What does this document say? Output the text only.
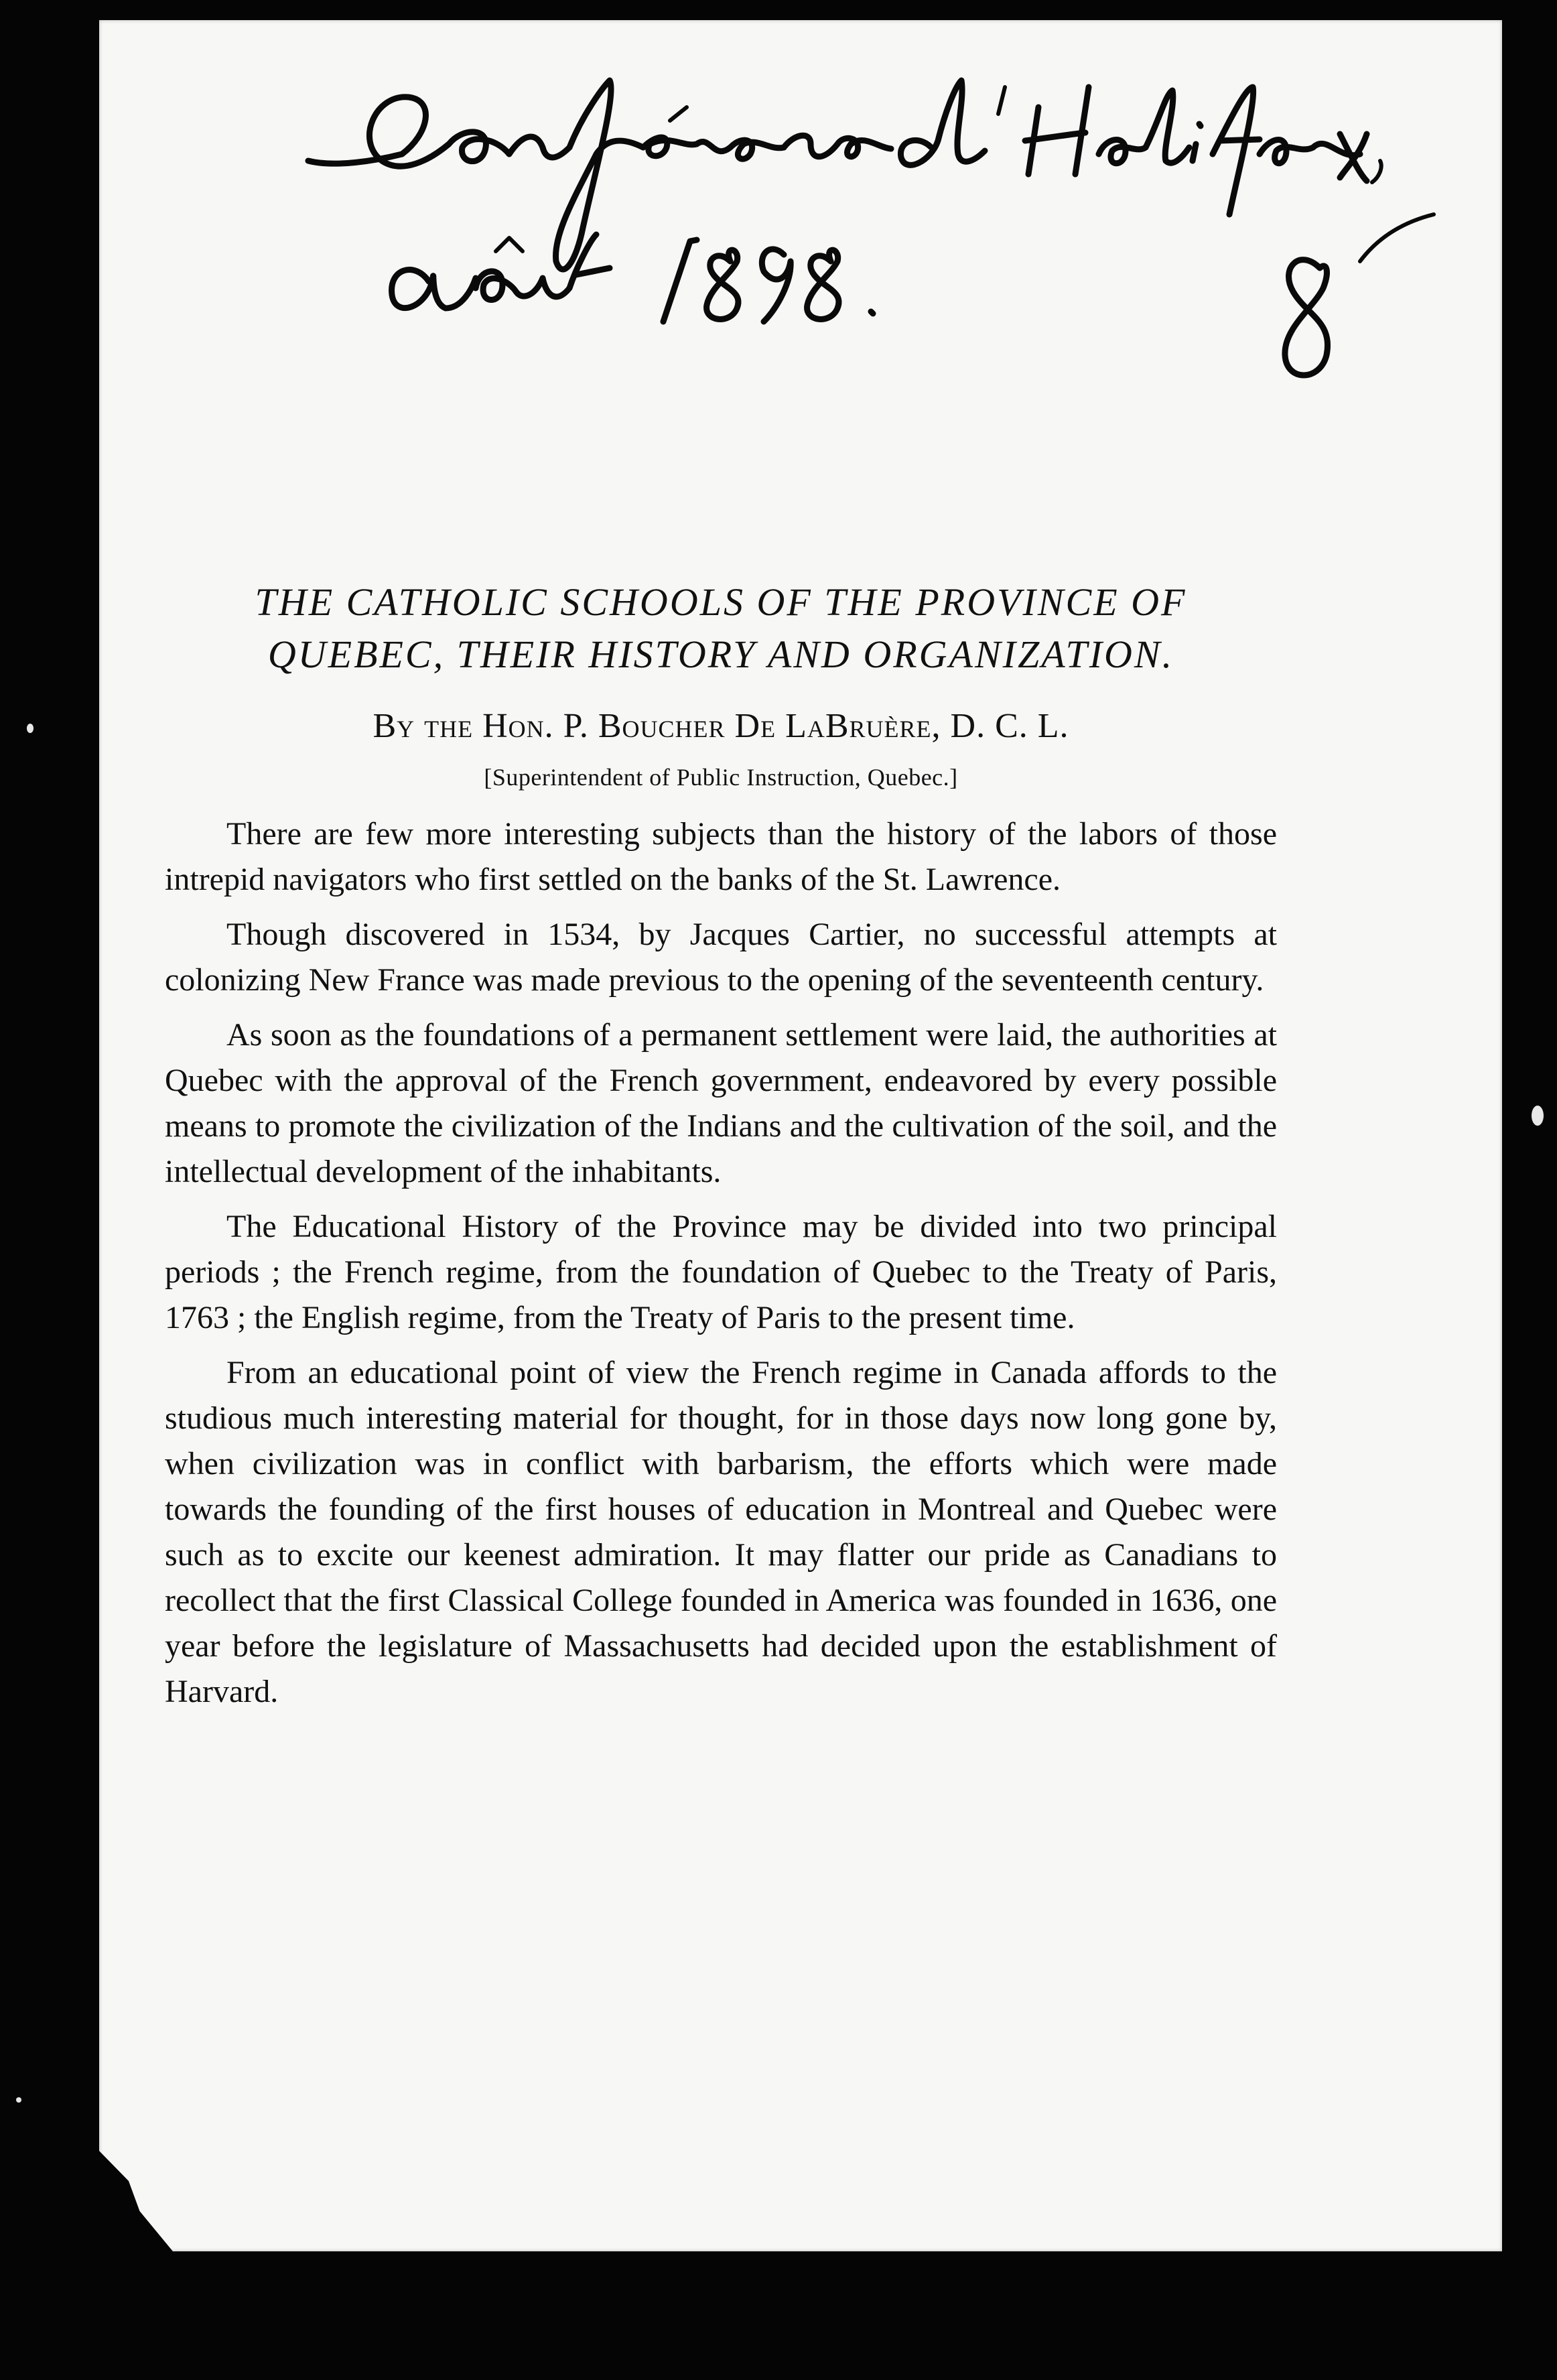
THE CATHOLIC SCHOOLS OF THE PROVINCE OF QUEBEC, THEIR HISTORY AND ORGANIZATION.
By the Hon. P. Boucher De LaBruère, D. C. L.
[Superintendent of Public Instruction, Quebec.]

There are few more interesting subjects than the history of the labors of those intrepid navigators who first settled on the banks of the St. Lawrence.

Though discovered in 1534, by Jacques Cartier, no successful attempts at colonizing New France was made previous to the opening of the seventeenth century.

As soon as the foundations of a permanent settlement were laid, the authorities at Quebec with the approval of the French government, endeavored by every possible means to promote the civilization of the Indians and the cultivation of the soil, and the intellectual development of the inhabitants.

The Educational History of the Province may be divided into two principal periods ; the French regime, from the foundation of Quebec to the Treaty of Paris, 1763 ; the English regime, from the Treaty of Paris to the present time.

From an educational point of view the French regime in Canada affords to the studious much interesting material for thought, for in those days now long gone by, when civilization was in conflict with barbarism, the efforts which were made towards the founding of the first houses of education in Montreal and Quebec were such as to excite our keenest admiration. It may flatter our pride as Canadians to recollect that the first Classical College founded in America was founded in 1636, one year before the legislature of Massachusetts had decided upon the establishment of Harvard.
